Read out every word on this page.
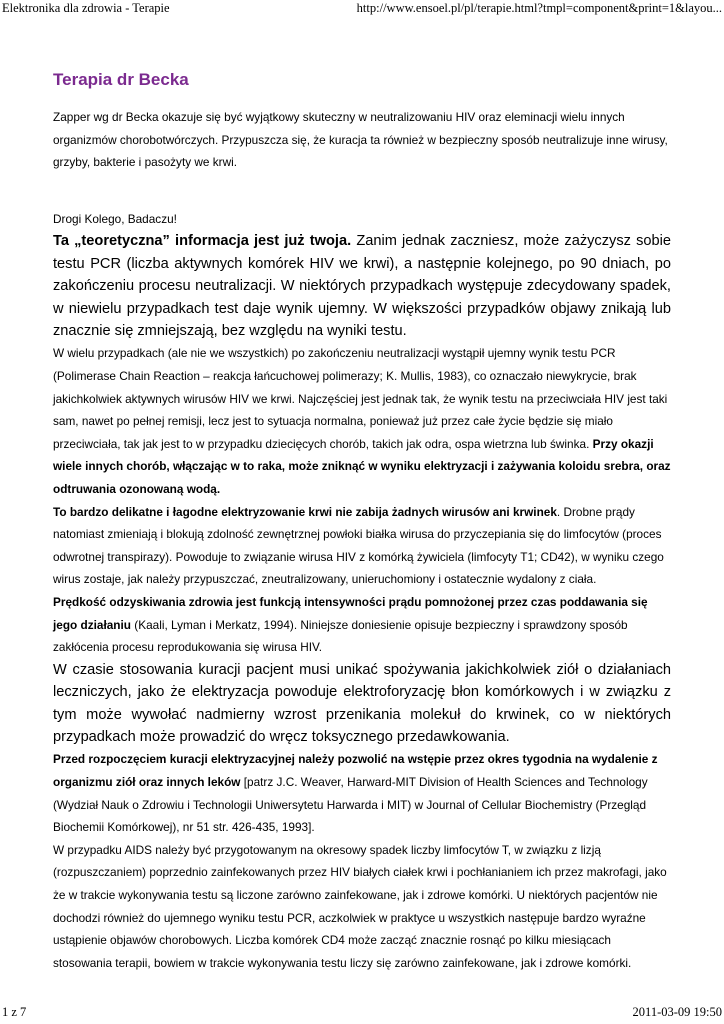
Elektronika dla zdrowia - Terapie	http://www.ensoel.pl/pl/terapie.html?tmpl=component&print=1&layou...
Terapia dr Becka

Zapper wg dr Becka okazuje się być wyjątkowy skuteczny w neutralizowaniu HIV oraz eleminacji wielu innych organizmów chorobotwórczych. Przypuszcza się, że kuracja ta również w bezpieczny sposób neutralizuje inne wirusy, grzyby, bakterie i pasożyty we krwi.

Drogi Kolego, Badaczu!

Ta „teoretyczna” informacja jest już twoja. Zanim jednak zaczniesz, może zażyczysz sobie testu PCR (liczba aktywnych komórek HIV we krwi), a następnie kolejnego, po 90 dniach, po zakończeniu procesu neutralizacji. W niektórych przypadkach występuje zdecydowany spadek, w niewielu przypadkach test daje wynik ujemny. W większości przypadków objawy znikają lub znacznie się zmniejszają, bez względu na wyniki testu.

W wielu przypadkach (ale nie we wszystkich) po zakończeniu neutralizacji wystąpił ujemny wynik testu PCR (Polimerase Chain Reaction – reakcja łańcuchowej polimerazy; K. Mullis, 1983), co oznaczało niewykrycie, brak jakichkolwiek aktywnych wirusów HIV we krwi. Najczęściej jest jednak tak, że wynik testu na przeciwciała HIV jest taki sam, nawet po pełnej remisji, lecz jest to sytuacja normalna, ponieważ już przez całe życie będzie się miało przeciwciała, tak jak jest to w przypadku dziecięcych chorób, takich jak odra, ospa wietrzna lub świnka. Przy okazji wiele innych chorób, włączając w to raka, może zniknąć w wyniku elektryzacji i zażywania koloidu srebra, oraz odtruwania ozonowaną wodą.

To bardzo delikatne i łagodne elektryzowanie krwi nie zabija żadnych wirusów ani krwinek. Drobne prądy natomiast zmieniają i blokują zdolność zewnętrznej powłoki białka wirusa do przyczepiania się do limfocytów (proces odwrotnej transpirazy). Powoduje to związanie wirusa HIV z komórką żywiciela (limfocyty T1; CD42), w wyniku czego wirus zostaje, jak należy przypuszczać, zneutralizowany, unieruchomiony i ostatecznie wydalony z ciała.

Prędkość odzyskiwania zdrowia jest funkcją intensywności prądu pomnożonej przez czas poddawania się jego działaniu (Kaali, Lyman i Merkatz, 1994). Niniejsze doniesienie opisuje bezpieczny i sprawdzony sposób zakłócenia procesu reprodukowania się wirusa HIV.

W czasie stosowania kuracji pacjent musi unikać spożywania jakichkolwiek ziół o działaniach leczniczych, jako że elektryzacja powoduje elektroforyzację błon komórkowych i w związku z tym może wywołać nadmierny wzrost przenikania molekuł do krwinek, co w niektórych przypadkach może prowadzić do wręcz toksycznego przedawkowania.

Przed rozpoczęciem kuracji elektryzacyjnej należy pozwolić na wstępie przez okres tygodnia na wydalenie z organizmu ziół oraz innych leków [patrz J.C. Weaver, Harward-MIT Division of Health Sciences and Technology (Wydział Nauk o Zdrowiu i Technologii Uniwersytetu Harwarda i MIT) w Journal of Cellular Biochemistry (Przegląd Biochemii Komórkowej), nr 51 str. 426-435, 1993].

W przypadku AIDS należy być przygotowanym na okresowy spadek liczby limfocytów T, w związku z lizją (rozpuszczaniem) poprzednio zainfekowanych przez HIV białych ciałek krwi i pochłanianiem ich przez makrofagi, jako że w trakcie wykonywania testu są liczone zarówno zainfekowane, jak i zdrowe komórki. U niektórych pacjentów nie dochodzi również do ujemnego wyniku testu PCR, aczkolwiek w praktyce u wszystkich następuje bardzo wyraźne ustąpienie objawów chorobowych. Liczba komórek CD4 może zacząć znacznie rosnąć po kilku miesiącach stosowania terapii, bowiem w trakcie wykonywania testu liczy się zarówno zainfekowane, jak i zdrowe komórki.

1 z 7	2011-03-09 19:50
